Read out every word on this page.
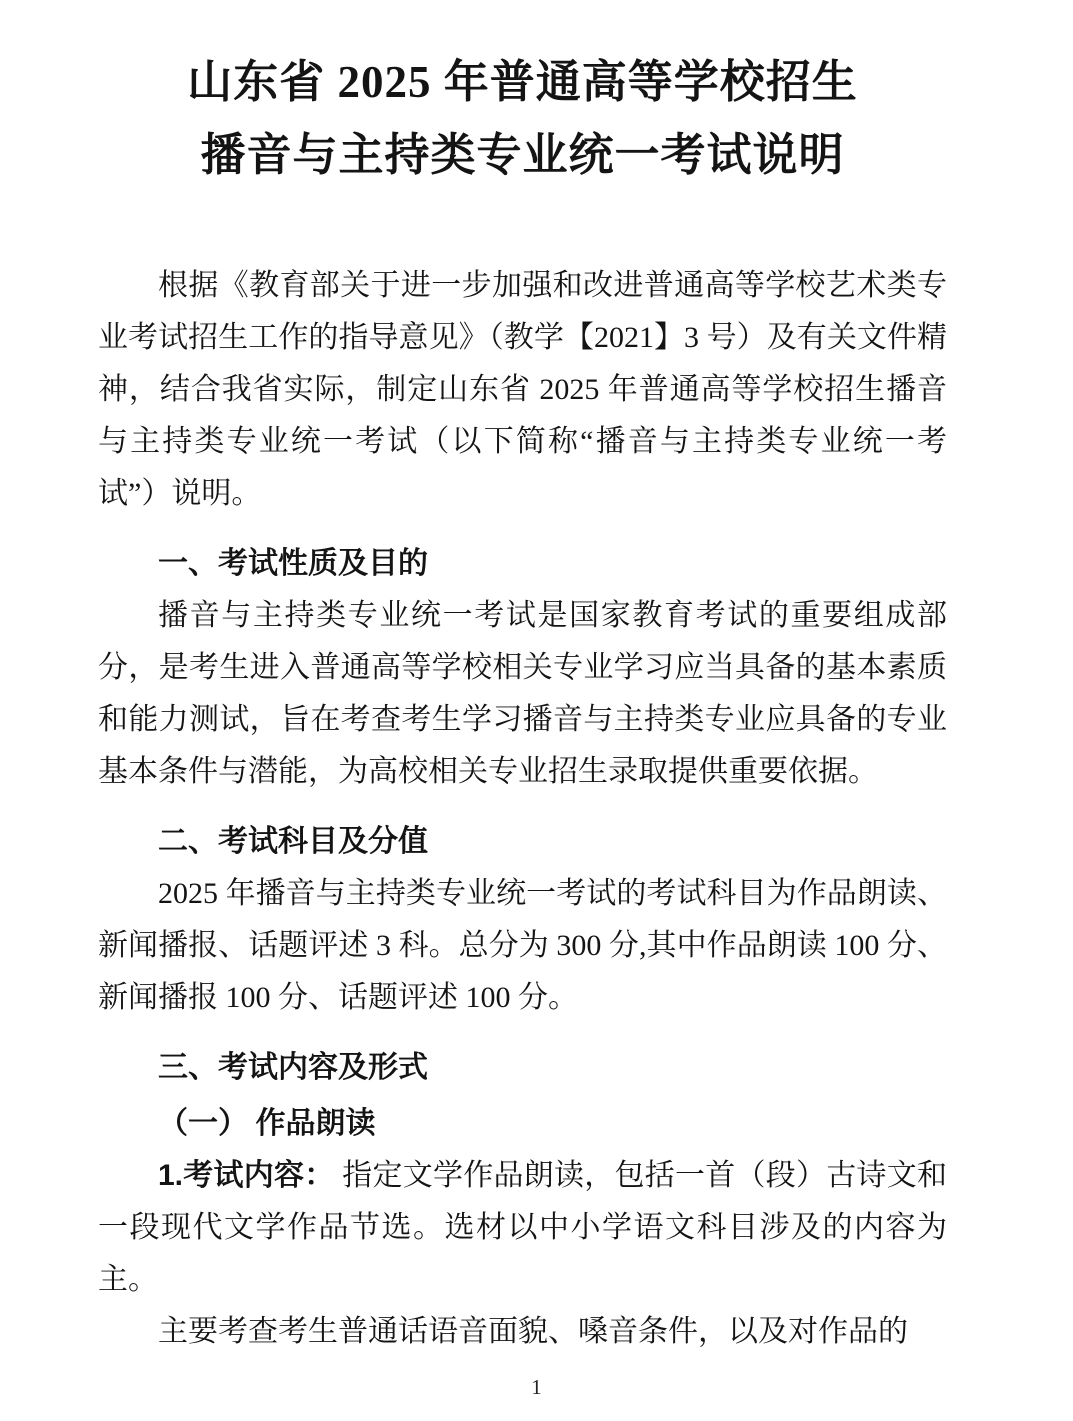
山东省 2025 年普通高等学校招生
播音与主持类专业统一考试说明

根据《教育部关于进一步加强和改进普通高等学校艺术类专业考试招生工作的指导意见》（教学【2021】3 号）及有关文件精神，结合我省实际，制定山东省 2025 年普通高等学校招生播音与主持类专业统一考试（以下简称“播音与主持类专业统一考试”）说明。

一、考试性质及目的

播音与主持类专业统一考试是国家教育考试的重要组成部分，是考生进入普通高等学校相关专业学习应当具备的基本素质和能力测试，旨在考查考生学习播音与主持类专业应具备的专业基本条件与潜能，为高校相关专业招生录取提供重要依据。

二、考试科目及分值

2025 年播音与主持类专业统一考试的考试科目为作品朗读、新闻播报、话题评述 3 科。总分为 300 分,其中作品朗读 100 分、新闻播报 100 分、话题评述 100 分。

三、考试内容及形式
（一） 作品朗读

1.考试内容： 指定文学作品朗读，包括一首（段）古诗文和一段现代文学作品节选。选材以中小学语文科目涉及的内容为主。

主要考查考生普通话语音面貌、嗓音条件，以及对作品的

1
